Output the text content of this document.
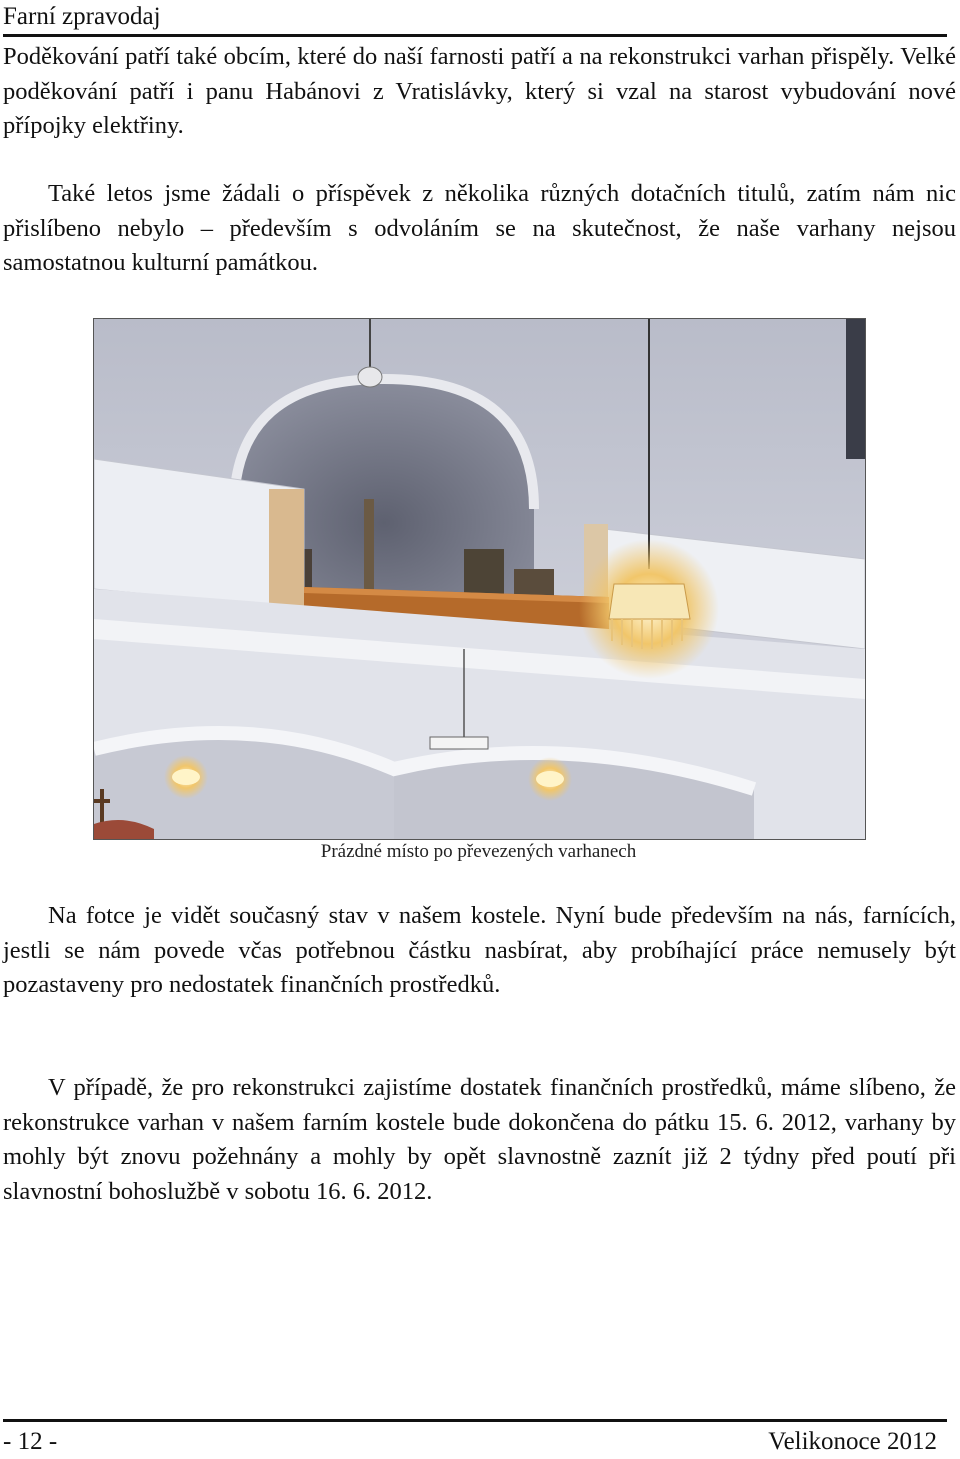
Farní zpravodaj

Poděkování patří také obcím, které do naší farnosti patří a na rekonstrukci varhan přispěly. Velké poděkování patří i panu Habánovi z Vratislávky, který si vzal na starost vybudování nové přípojky elektřiny.

Také letos jsme žádali o příspěvek z několika různých dotačních titulů, zatím nám nic přislíbeno nebylo – především s odvoláním se na skutečnost, že naše varhany nejsou samostatnou kulturní památkou.

Prázdné místo po převezených varhanech

Na fotce je vidět současný stav v našem kostele. Nyní bude především na nás, farnících, jestli se nám povede včas potřebnou částku nasbírat, aby probíhající práce nemusely být pozastaveny pro nedostatek finančních prostředků.

V případě, že pro rekonstrukci zajistíme dostatek finančních prostředků, máme slíbeno, že rekonstrukce varhan v našem farním kostele bude dokončena do pátku 15. 6. 2012, varhany by mohly být znovu požehnány a mohly by opět slavnostně zaznít již 2 týdny před poutí při slavnostní bohoslužbě v sobotu 16. 6. 2012.

- 12 -	Velikonoce 2012
